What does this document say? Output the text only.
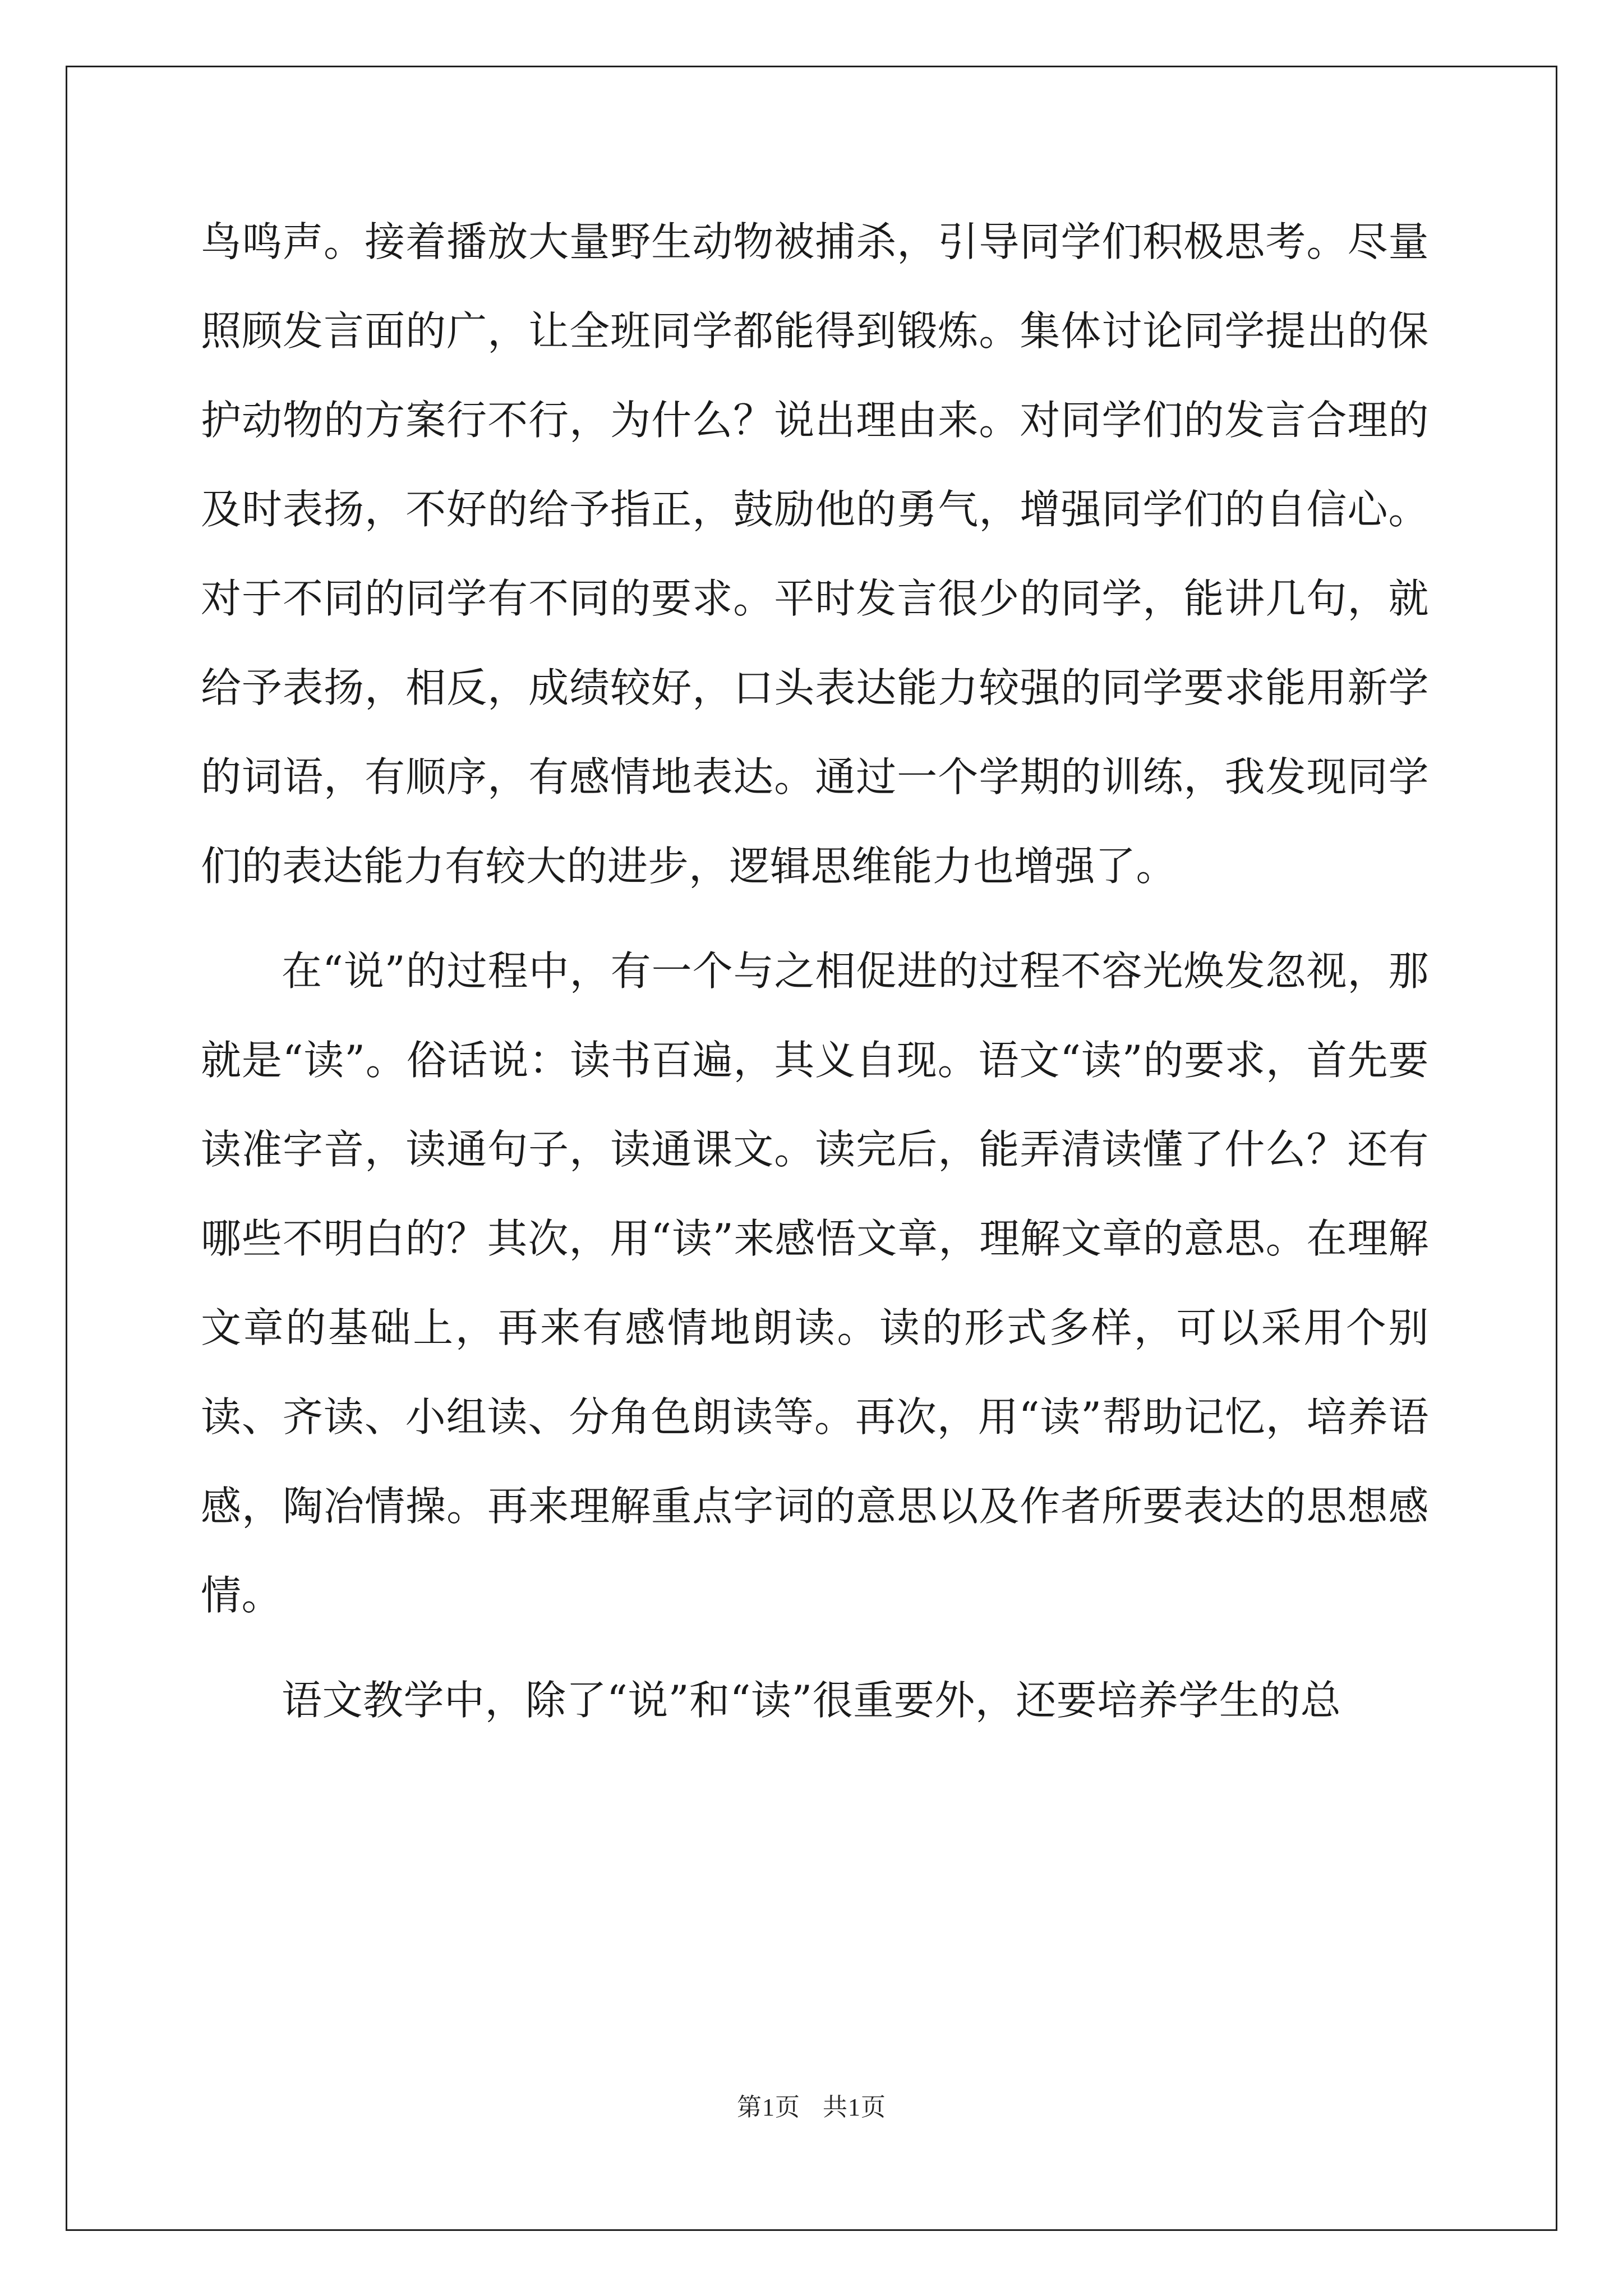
鸟鸣声。接着播放大量野生动物被捕杀，引导同学们积极思考。尽量照顾发言面的广，让全班同学都能得到锻炼。集体讨论同学提出的保护动物的方案行不行，为什么？说出理由来。对同学们的发言合理的及时表扬，不好的给予指正，鼓励他的勇气，增强同学们的自信心。对于不同的同学有不同的要求。平时发言很少的同学，能讲几句，就给予表扬，相反，成绩较好，口头表达能力较强的同学要求能用新学的词语，有顺序，有感情地表达。通过一个学期的训练，我发现同学们的表达能力有较大的进步，逻辑思维能力也增强了。

在“说”的过程中，有一个与之相促进的过程不容光焕发忽视，那就是“读”。俗话说：读书百遍，其义自现。语文“读”的要求，首先要读准字音，读通句子，读通课文。读完后，能弄清读懂了什么？还有哪些不明白的？其次，用“读”来感悟文章，理解文章的意思。在理解文章的基础上，再来有感情地朗读。读的形式多样，可以采用个别读、齐读、小组读、分角色朗读等。再次，用“读”帮助记忆，培养语感，陶冶情操。再来理解重点字词的意思以及作者所要表达的思想感情。

语文教学中，除了“说”和“读”很重要外，还要培养学生的总

第1页 共1页
